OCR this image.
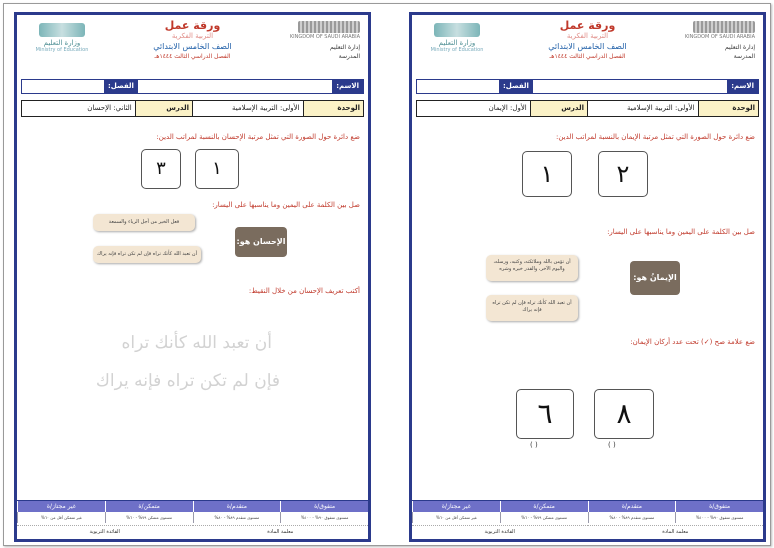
وزارة التعليم
Ministry of Education
ورقة عمل
التربية الفكرية
الصف الخامس الابتدائي
الفصل الدراسي الثالث ١٤٤٤هـ
KINGDOM OF SAUDI ARABIA
إدارة التعليم
المدرسة
الاسم:
الفصل:
الوحدة
الأولى: التربية الإسلامية
الدرس
الثاني: الإحسان
ضع دائرة حول الصورة التي تمثل مرتبة الإحسان بالنسبة لمراتب الدين:
١
٣
صل بين الكلمة على اليمين وما يناسبها على اليسار:
فعل الخير من أجل الرياء والسمعة
الإحسان هو:
أن تعبد الله كأنك تراه فإن لم تكن تراه فإنه يراك
أكتب تعريف الإحسان من خلال النقيط:
أن تعبد الله كأنك تراه
فإن لم تكن تراه فإنه يراك
متفوق/ة
متقدم/ة
متمكن/ة
غير مجتاز/ة
مستوى متفوق ٩٠% - ١٠٠%
مستوى متقدم ٨٩% - ٨٠%
مستوى متمكن ٧٩% - ٦٠%
غير متمكن أقل من ٦٠%
معلمة المادة
القائدة التربوية
وزارة التعليم
Ministry of Education
ورقة عمل
التربية الفكرية
الصف الخامس الابتدائي
الفصل الدراسي الثالث ١٤٤٤هـ
KINGDOM OF SAUDI ARABIA
إدارة التعليم
المدرسة
الاسم:
الفصل:
الوحدة
الأولى: التربية الإسلامية
الدرس
الأول: الإيمان
ضع دائرة حول الصورة التي تمثل مرتبة الإيمان بالنسبة لمراتب الدين:
٢
١
صل بين الكلمة على اليمين وما يناسبها على اليسار:
أن تؤمن بالله وملائكته، وكتبه، ورسله، واليوم الآخر، والقدر خيره وشره
الإيمانُ هو:
أن تعبد الله كأنك تراه فإن لم تكن تراه فإنه يراك
ضع علامة صح (✓) تحت عدد أركان الإيمان:
٨
٦
( )
( )
متفوق/ة
متقدم/ة
متمكن/ة
غير مجتاز/ة
مستوى متفوق ٩٠% - ١٠٠%
مستوى متقدم ٨٩% - ٨٠%
مستوى متمكن ٧٩% - ٦٠%
غير متمكن أقل من ٦٠%
معلمة المادة
القائدة التربوية
